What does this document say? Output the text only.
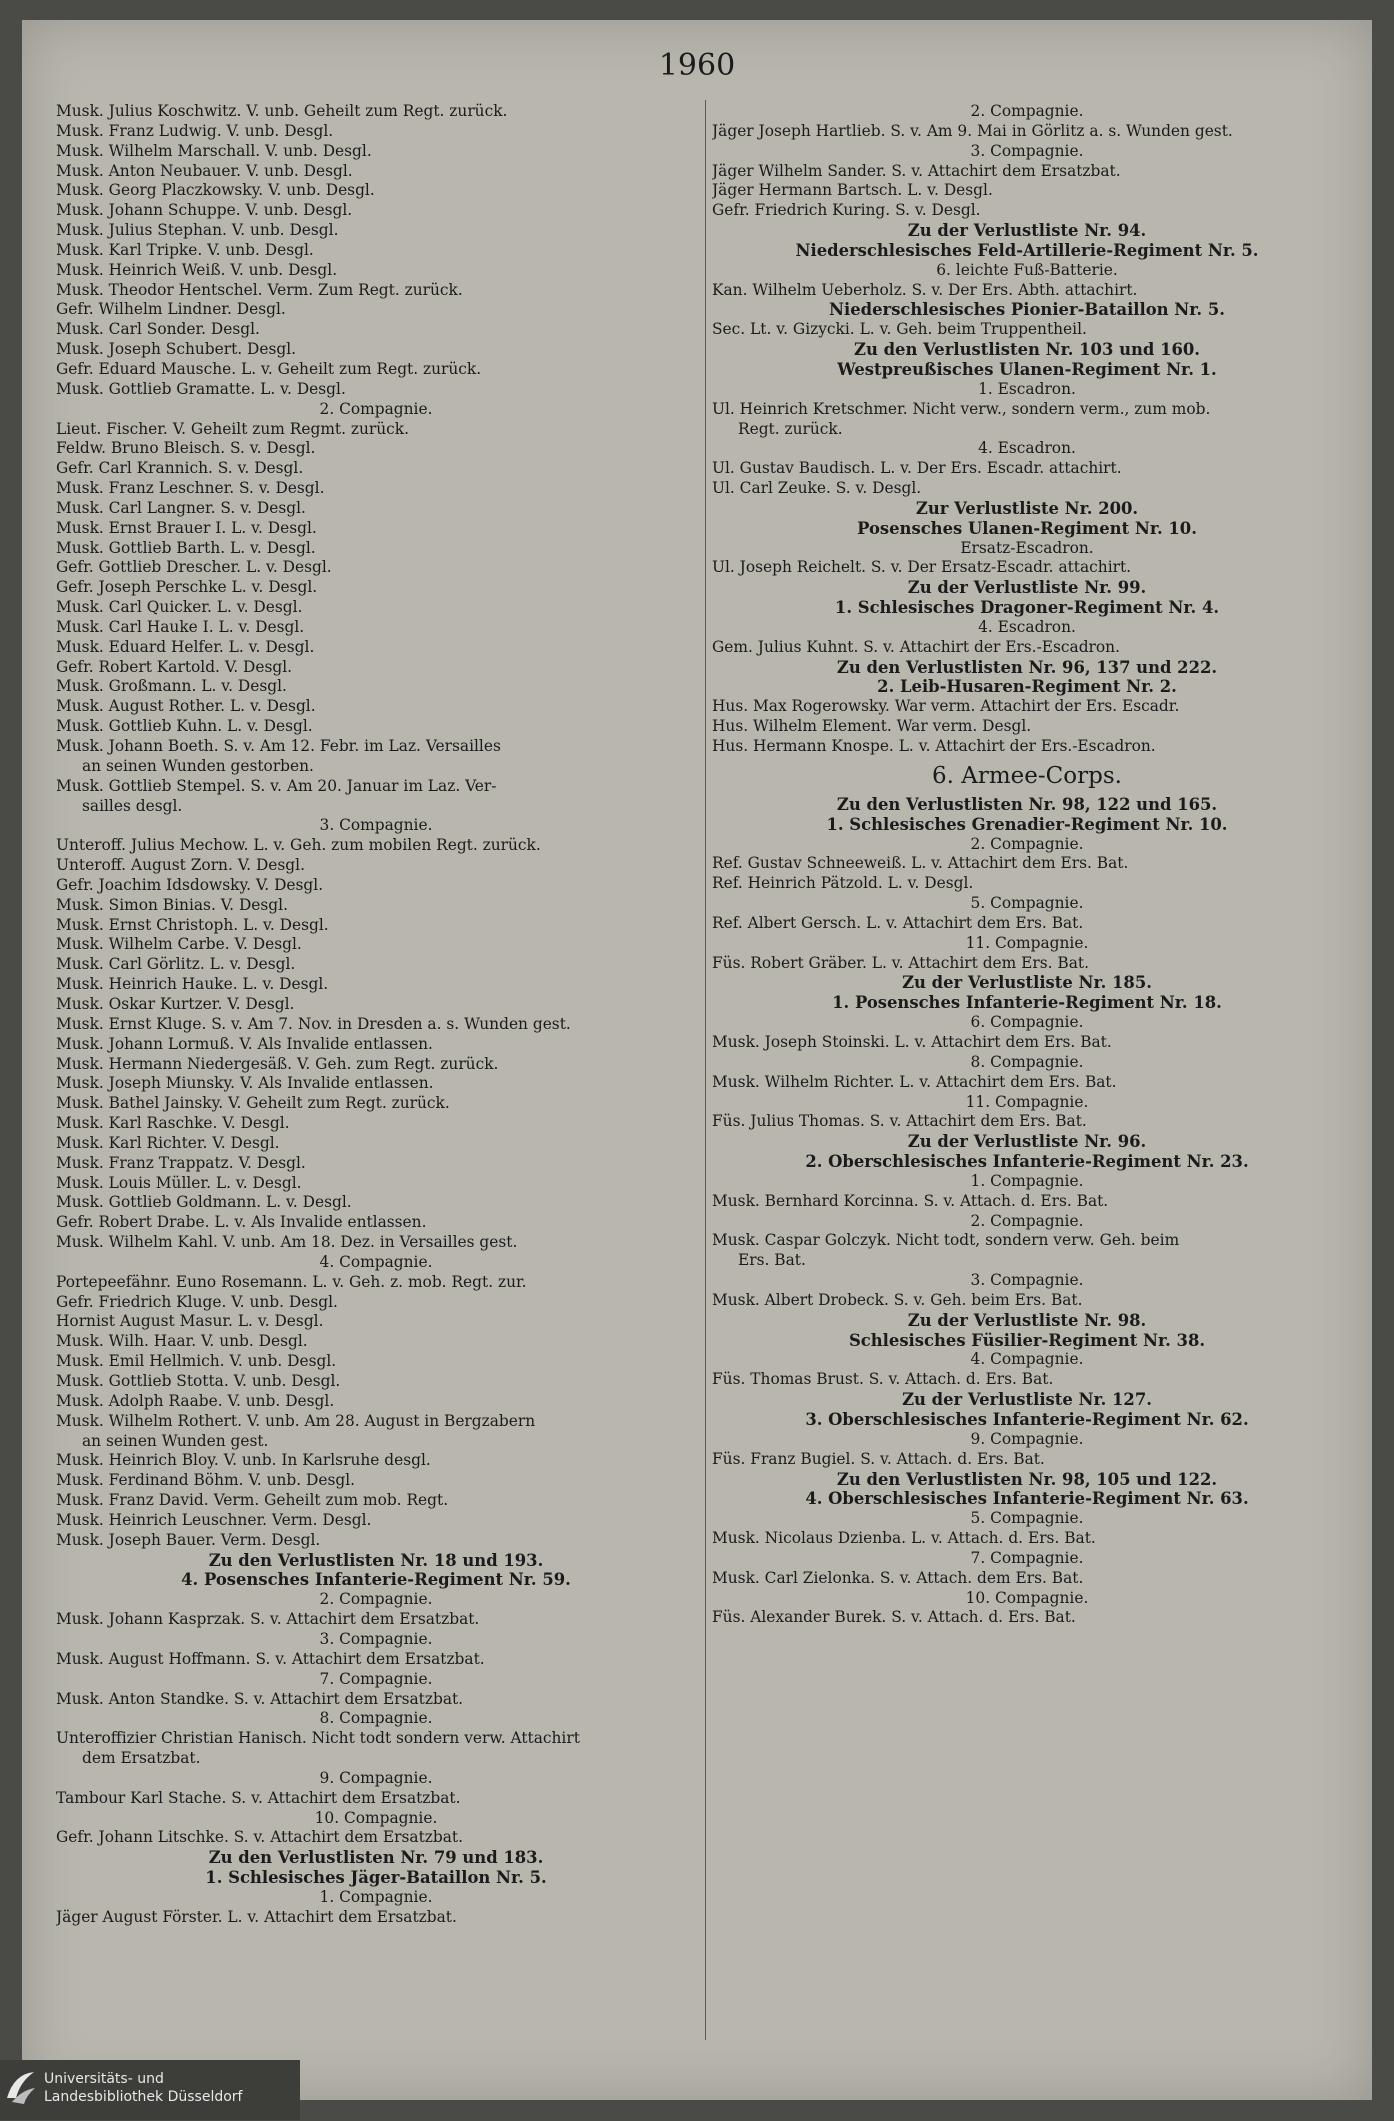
1960
Musk. Julius Koschwitz. V. unb. Geheilt zum Regt. zurück.
Musk. Franz Ludwig. V. unb. Desgl.
Musk. Wilhelm Marschall. V. unb. Desgl.
Musk. Anton Neubauer. V. unb. Desgl.
Musk. Georg Placzkowsky. V. unb. Desgl.
Musk. Johann Schuppe. V. unb. Desgl.
Musk. Julius Stephan. V. unb. Desgl.
Musk. Karl Tripke. V. unb. Desgl.
Musk. Heinrich Weiß. V. unb. Desgl.
Musk. Theodor Hentschel. Verm. Zum Regt. zurück.
Gefr. Wilhelm Lindner. Desgl.
Musk. Carl Sonder. Desgl.
Musk. Joseph Schubert. Desgl.
Gefr. Eduard Mausche. L. v. Geheilt zum Regt. zurück.
Musk. Gottlieb Gramatte. L. v. Desgl.
2. Compagnie.
Lieut. Fischer. V. Geheilt zum Regmt. zurück.
Feldw. Bruno Bleisch. S. v. Desgl.
Gefr. Carl Krannich. S. v. Desgl.
Musk. Franz Leschner. S. v. Desgl.
Musk. Carl Langner. S. v. Desgl.
Musk. Ernst Brauer I. L. v. Desgl.
Musk. Gottlieb Barth. L. v. Desgl.
Gefr. Gottlieb Drescher. L. v. Desgl.
Gefr. Joseph Perschke L. v. Desgl.
Musk. Carl Quicker. L. v. Desgl.
Musk. Carl Hauke I. L. v. Desgl.
Musk. Eduard Helfer. L. v. Desgl.
Gefr. Robert Kartold. V. Desgl.
Musk. Großmann. L. v. Desgl.
Musk. August Rother. L. v. Desgl.
Musk. Gottlieb Kuhn. L. v. Desgl.
Musk. Johann Boeth. S. v. Am 12. Febr. im Laz. Versailles
an seinen Wunden gestorben.
Musk. Gottlieb Stempel. S. v. Am 20. Januar im Laz. Ver-
sailles desgl.
3. Compagnie.
Unteroff. Julius Mechow. L. v. Geh. zum mobilen Regt. zurück.
Unteroff. August Zorn. V. Desgl.
Gefr. Joachim Idsdowsky. V. Desgl.
Musk. Simon Binias. V. Desgl.
Musk. Ernst Christoph. L. v. Desgl.
Musk. Wilhelm Carbe. V. Desgl.
Musk. Carl Görlitz. L. v. Desgl.
Musk. Heinrich Hauke. L. v. Desgl.
Musk. Oskar Kurtzer. V. Desgl.
Musk. Ernst Kluge. S. v. Am 7. Nov. in Dresden a. s. Wunden gest.
Musk. Johann Lormuß. V. Als Invalide entlassen.
Musk. Hermann Niedergesäß. V. Geh. zum Regt. zurück.
Musk. Joseph Miunsky. V. Als Invalide entlassen.
Musk. Bathel Jainsky. V. Geheilt zum Regt. zurück.
Musk. Karl Raschke. V. Desgl.
Musk. Karl Richter. V. Desgl.
Musk. Franz Trappatz. V. Desgl.
Musk. Louis Müller. L. v. Desgl.
Musk. Gottlieb Goldmann. L. v. Desgl.
Gefr. Robert Drabe. L. v. Als Invalide entlassen.
Musk. Wilhelm Kahl. V. unb. Am 18. Dez. in Versailles gest.
4. Compagnie.
Portepeefähnr. Euno Rosemann. L. v. Geh. z. mob. Regt. zur.
Gefr. Friedrich Kluge. V. unb. Desgl.
Hornist August Masur. L. v. Desgl.
Musk. Wilh. Haar. V. unb. Desgl.
Musk. Emil Hellmich. V. unb. Desgl.
Musk. Gottlieb Stotta. V. unb. Desgl.
Musk. Adolph Raabe. V. unb. Desgl.
Musk. Wilhelm Rothert. V. unb. Am 28. August in Bergzabern
an seinen Wunden gest.
Musk. Heinrich Bloy. V. unb. In Karlsruhe desgl.
Musk. Ferdinand Böhm. V. unb. Desgl.
Musk. Franz David. Verm. Geheilt zum mob. Regt.
Musk. Heinrich Leuschner. Verm. Desgl.
Musk. Joseph Bauer. Verm. Desgl.
Zu den Verlustlisten Nr. 18 und 193.
4. Posensches Infanterie-Regiment Nr. 59.
2. Compagnie.
Musk. Johann Kasprzak. S. v. Attachirt dem Ersatzbat.
3. Compagnie.
Musk. August Hoffmann. S. v. Attachirt dem Ersatzbat.
7. Compagnie.
Musk. Anton Standke. S. v. Attachirt dem Ersatzbat.
8. Compagnie.
Unteroffizier Christian Hanisch. Nicht todt sondern verw. Attachirt
dem Ersatzbat.
9. Compagnie.
Tambour Karl Stache. S. v. Attachirt dem Ersatzbat.
10. Compagnie.
Gefr. Johann Litschke. S. v. Attachirt dem Ersatzbat.
Zu den Verlustlisten Nr. 79 und 183.
1. Schlesisches Jäger-Bataillon Nr. 5.
1. Compagnie.
Jäger August Förster. L. v. Attachirt dem Ersatzbat.
2. Compagnie.
Jäger Joseph Hartlieb. S. v. Am 9. Mai in Görlitz a. s. Wunden gest.
3. Compagnie.
Jäger Wilhelm Sander. S. v. Attachirt dem Ersatzbat.
Jäger Hermann Bartsch. L. v. Desgl.
Gefr. Friedrich Kuring. S. v. Desgl.
Zu der Verlustliste Nr. 94.
Niederschlesisches Feld-Artillerie-Regiment Nr. 5.
6. leichte Fuß-Batterie.
Kan. Wilhelm Ueberholz. S. v. Der Ers. Abth. attachirt.
Niederschlesisches Pionier-Bataillon Nr. 5.
Sec. Lt. v. Gizycki. L. v. Geh. beim Truppentheil.
Zu den Verlustlisten Nr. 103 und 160.
Westpreußisches Ulanen-Regiment Nr. 1.
1. Escadron.
Ul. Heinrich Kretschmer. Nicht verw., sondern verm., zum mob.
Regt. zurück.
4. Escadron.
Ul. Gustav Baudisch. L. v. Der Ers. Escadr. attachirt.
Ul. Carl Zeuke. S. v. Desgl.
Zur Verlustliste Nr. 200.
Posensches Ulanen-Regiment Nr. 10.
Ersatz-Escadron.
Ul. Joseph Reichelt. S. v. Der Ersatz-Escadr. attachirt.
Zu der Verlustliste Nr. 99.
1. Schlesisches Dragoner-Regiment Nr. 4.
4. Escadron.
Gem. Julius Kuhnt. S. v. Attachirt der Ers.-Escadron.
Zu den Verlustlisten Nr. 96, 137 und 222.
2. Leib-Husaren-Regiment Nr. 2.
Hus. Max Rogerowsky. War verm. Attachirt der Ers. Escadr.
Hus. Wilhelm Element. War verm. Desgl.
Hus. Hermann Knospe. L. v. Attachirt der Ers.-Escadron.
6. Armee-Corps.
Zu den Verlustlisten Nr. 98, 122 und 165.
1. Schlesisches Grenadier-Regiment Nr. 10.
2. Compagnie.
Ref. Gustav Schneeweiß. L. v. Attachirt dem Ers. Bat.
Ref. Heinrich Pätzold. L. v. Desgl.
5. Compagnie.
Ref. Albert Gersch. L. v. Attachirt dem Ers. Bat.
11. Compagnie.
Füs. Robert Gräber. L. v. Attachirt dem Ers. Bat.
Zu der Verlustliste Nr. 185.
1. Posensches Infanterie-Regiment Nr. 18.
6. Compagnie.
Musk. Joseph Stoinski. L. v. Attachirt dem Ers. Bat.
8. Compagnie.
Musk. Wilhelm Richter. L. v. Attachirt dem Ers. Bat.
11. Compagnie.
Füs. Julius Thomas. S. v. Attachirt dem Ers. Bat.
Zu der Verlustliste Nr. 96.
2. Oberschlesisches Infanterie-Regiment Nr. 23.
1. Compagnie.
Musk. Bernhard Korcinna. S. v. Attach. d. Ers. Bat.
2. Compagnie.
Musk. Caspar Golczyk. Nicht todt, sondern verw. Geh. beim
Ers. Bat.
3. Compagnie.
Musk. Albert Drobeck. S. v. Geh. beim Ers. Bat.
Zu der Verlustliste Nr. 98.
Schlesisches Füsilier-Regiment Nr. 38.
4. Compagnie.
Füs. Thomas Brust. S. v. Attach. d. Ers. Bat.
Zu der Verlustliste Nr. 127.
3. Oberschlesisches Infanterie-Regiment Nr. 62.
9. Compagnie.
Füs. Franz Bugiel. S. v. Attach. d. Ers. Bat.
Zu den Verlustlisten Nr. 98, 105 und 122.
4. Oberschlesisches Infanterie-Regiment Nr. 63.
5. Compagnie.
Musk. Nicolaus Dzienba. L. v. Attach. d. Ers. Bat.
7. Compagnie.
Musk. Carl Zielonka. S. v. Attach. dem Ers. Bat.
10. Compagnie.
Füs. Alexander Burek. S. v. Attach. d. Ers. Bat.
Universitäts- und
Landesbibliothek Düsseldorf
